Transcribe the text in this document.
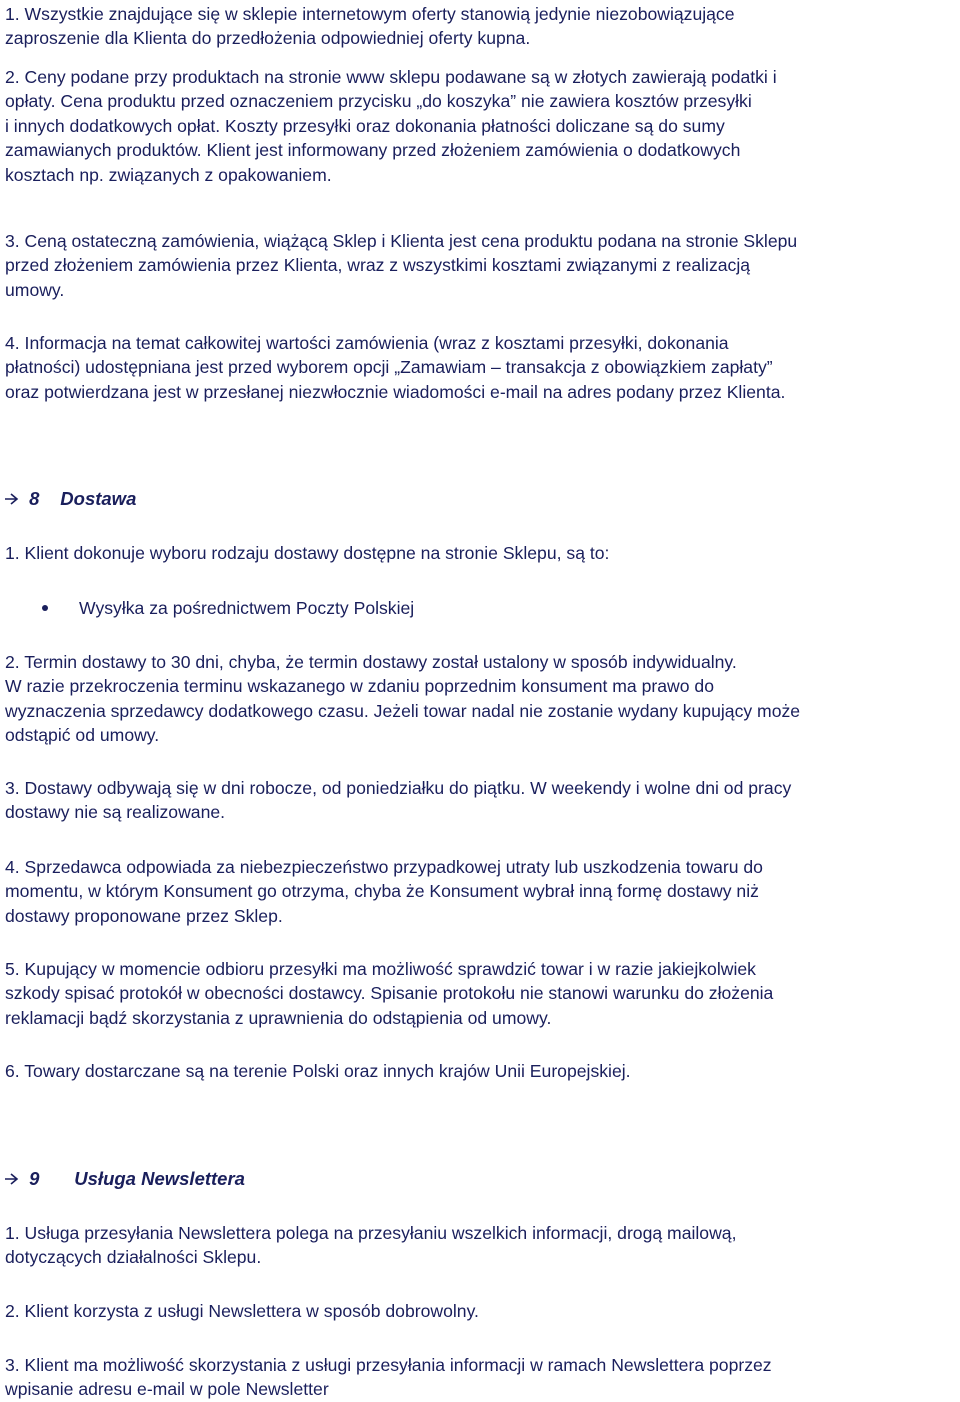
1. Wszystkie znajdujące się w sklepie internetowym oferty stanowią jedynie niezobowiązujące
zaproszenie dla Klienta do przedłożenia odpowiedniej oferty kupna.
2. Ceny podane przy produktach na stronie www sklepu podawane są w złotych zawierają podatki i
opłaty. Cena produktu przed oznaczeniem przycisku „do koszyka” nie zawiera kosztów przesyłki
i innych dodatkowych opłat. Koszty przesyłki oraz dokonania płatności doliczane są do sumy
zamawianych produktów. Klient jest informowany przed złożeniem zamówienia o dodatkowych
kosztach np. związanych z opakowaniem.
3. Ceną ostateczną zamówienia, wiążącą Sklep i Klienta jest cena produktu podana na stronie Sklepu
przed złożeniem zamówienia przez Klienta, wraz z wszystkimi kosztami związanymi z realizacją
umowy.
4. Informacja na temat całkowitej wartości zamówienia (wraz z kosztami przesyłki, dokonania
płatności) udostępniana jest przed wyborem opcji „Zamawiam – transakcja z obowiązkiem zapłaty”
oraz potwierdzana jest w przesłanej niezwłocznie wiadomości e-mail na adres podany przez Klienta.
8 Dostawa
1. Klient dokonuje wyboru rodzaju dostawy dostępne na stronie Sklepu, są to:
Wysyłka za pośrednictwem Poczty Polskiej
2. Termin dostawy to 30 dni, chyba, że termin dostawy został ustalony w sposób indywidualny.
W razie przekroczenia terminu wskazanego w zdaniu poprzednim konsument ma prawo do
wyznaczenia sprzedawcy dodatkowego czasu. Jeżeli towar nadal nie zostanie wydany kupujący może
odstąpić od umowy.
3. Dostawy odbywają się w dni robocze, od poniedziałku do piątku. W weekendy i wolne dni od pracy
dostawy nie są realizowane.
4. Sprzedawca odpowiada za niebezpieczeństwo przypadkowej utraty lub uszkodzenia towaru do
momentu, w którym Konsument go otrzyma, chyba że Konsument wybrał inną formę dostawy niż
dostawy proponowane przez Sklep.
5. Kupujący w momencie odbioru przesyłki ma możliwość sprawdzić towar i w razie jakiejkolwiek
szkody spisać protokół w obecności dostawcy. Spisanie protokołu nie stanowi warunku do złożenia
reklamacji bądź skorzystania z uprawnienia do odstąpienia od umowy.
6. Towary dostarczane są na terenie Polski oraz innych krajów Unii Europejskiej.
9 Usługa Newslettera
1. Usługa przesyłania Newslettera polega na przesyłaniu wszelkich informacji, drogą mailową,
dotyczących działalności Sklepu.
2. Klient korzysta z usługi Newslettera w sposób dobrowolny.
3. Klient ma możliwość skorzystania z usługi przesyłania informacji w ramach Newslettera poprzez
wpisanie adresu e-mail w pole Newsletter
